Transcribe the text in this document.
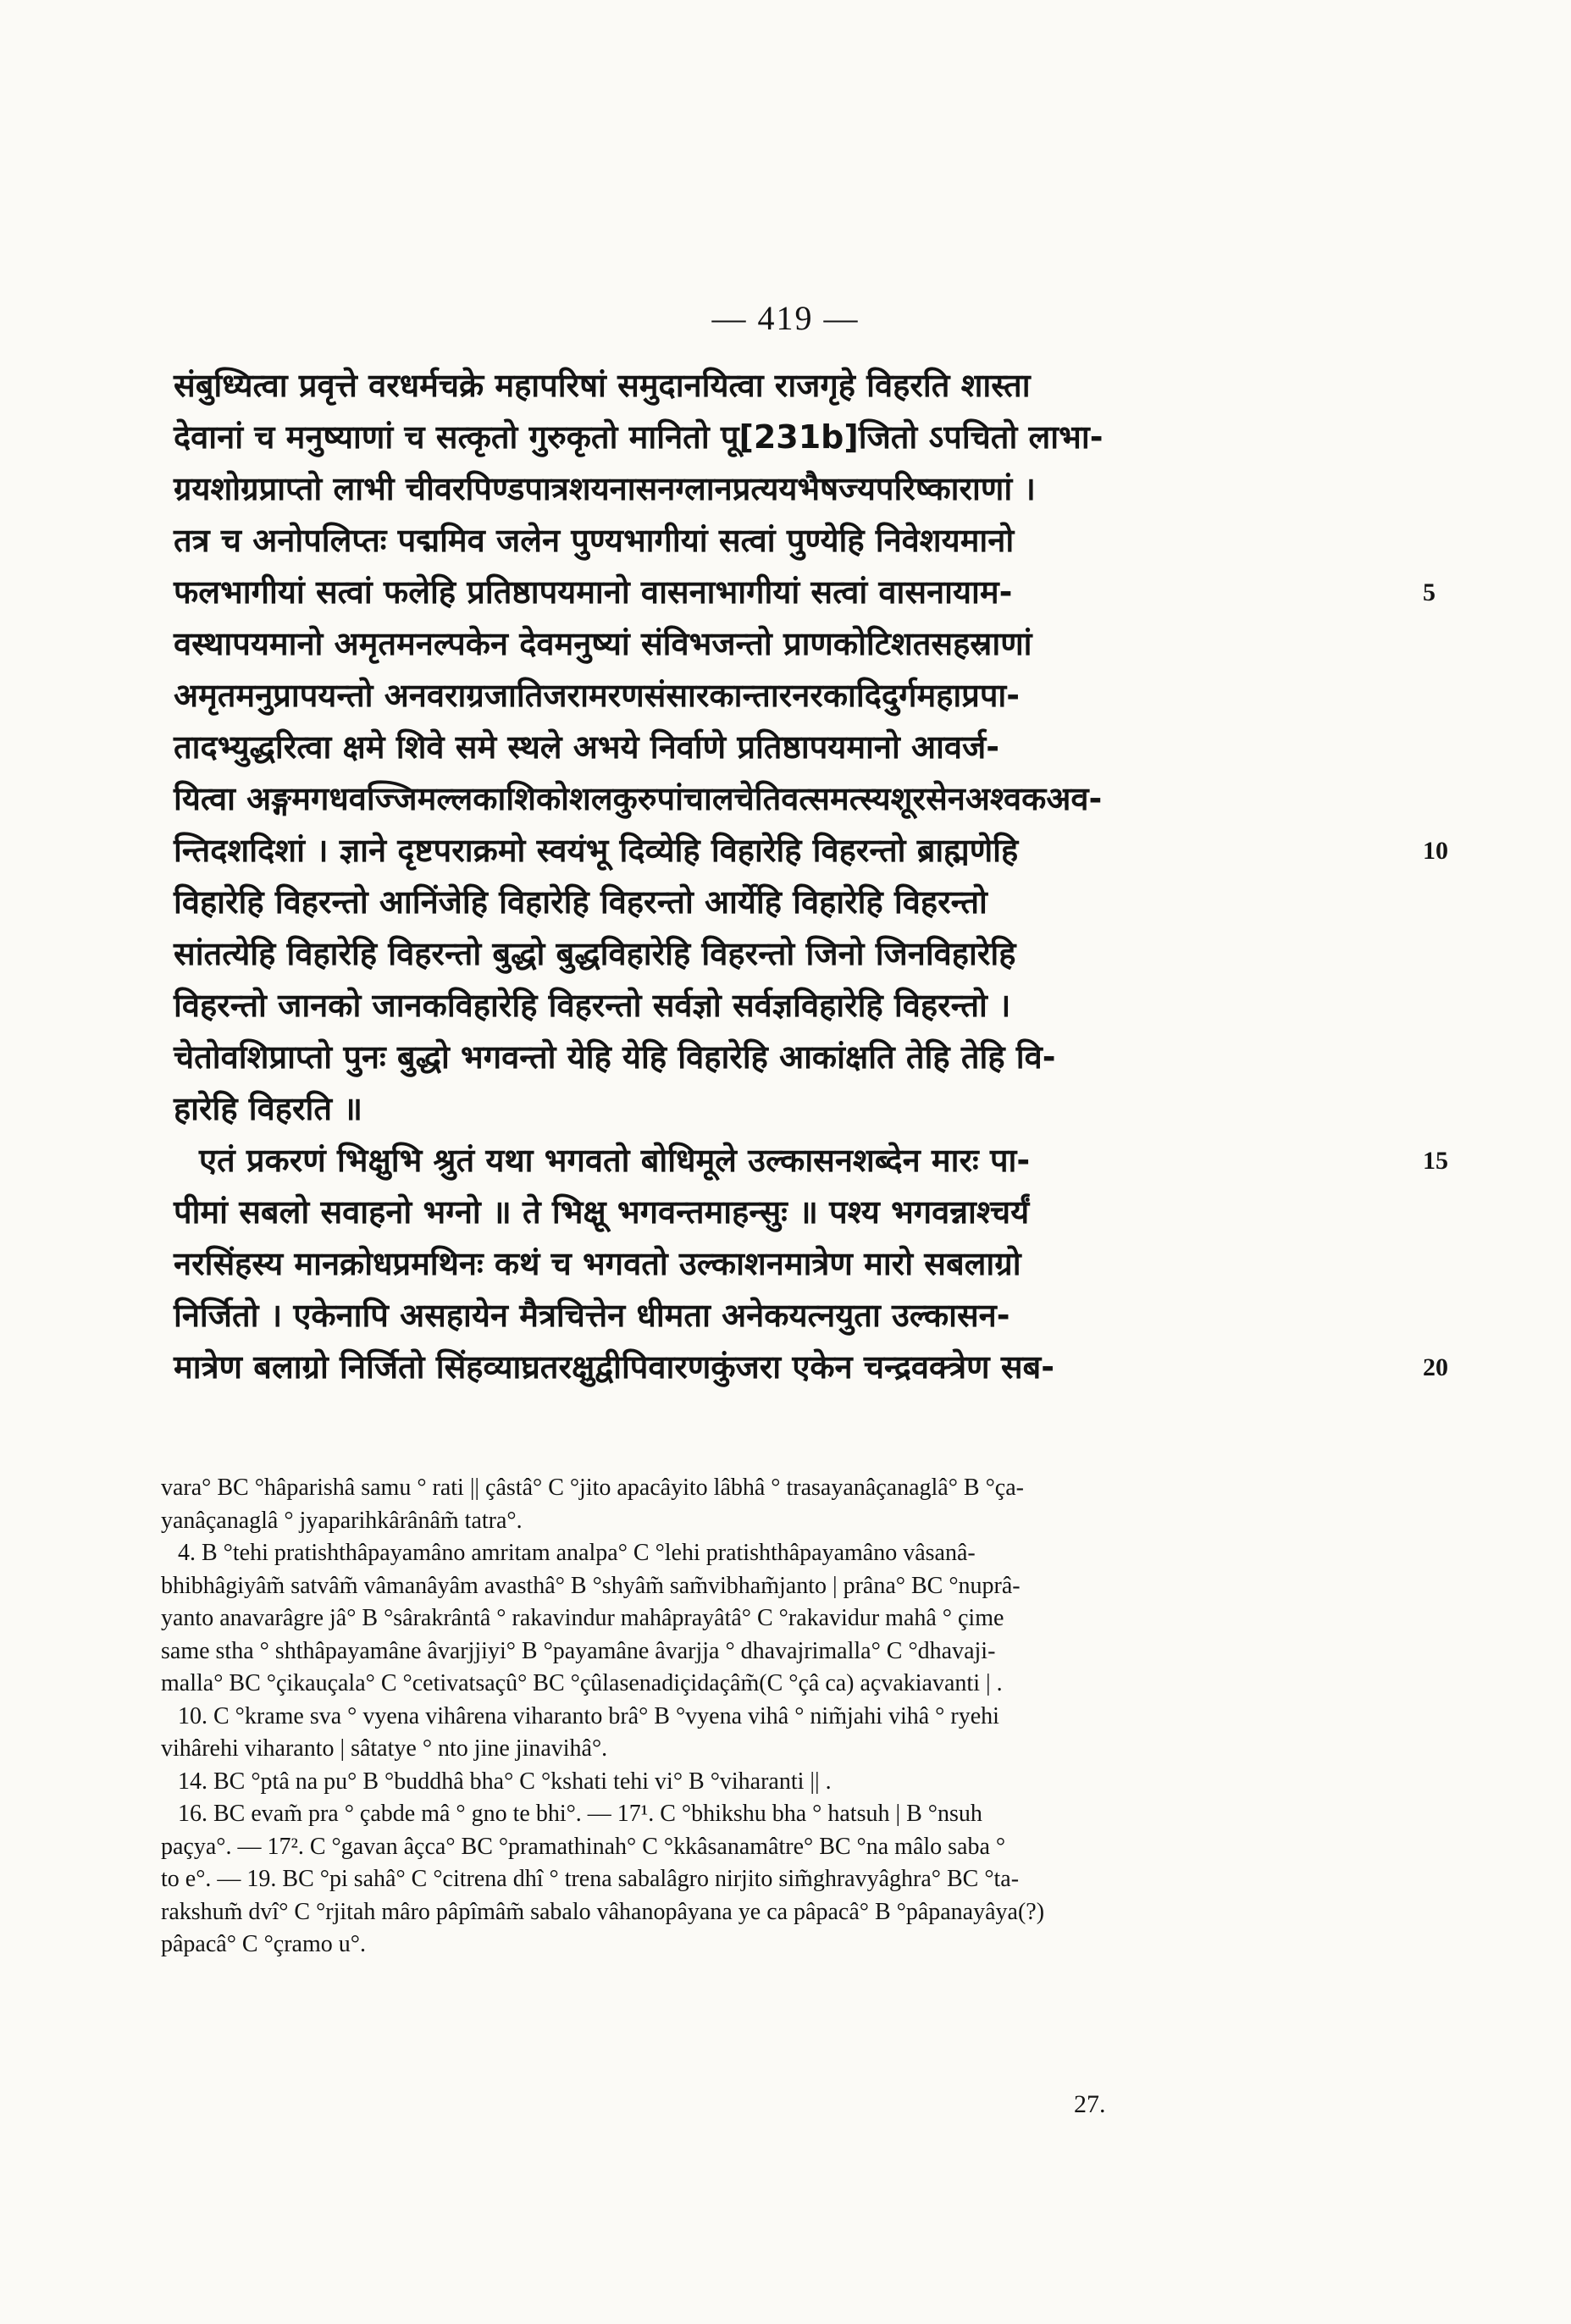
— 419 —
संबुध्यित्वा प्रवृत्ते वरधर्मचक्रे महापरिषां समुदानयित्वा राजगृहे विहरति शास्ता
देवानां च मनुष्याणां च सत्कृतो गुरुकृतो मानितो पू[231b]जितो ऽपचितो लाभा-
ग्रयशोग्रप्राप्तो लाभी चीवरपिण्डपात्रशयनासनग्लानप्रत्ययभैषज्यपरिष्काराणां ।
तत्र च अनोपलिप्तः पद्ममिव जलेन पुण्यभागीयां सत्वां पुण्येहि निवेशयमानो
फलभागीयां सत्वां फलेहि प्रतिष्ठापयमानो वासनाभागीयां सत्वां वासनायाम-	5
वस्थापयमानो अमृतमनल्पकेन देवमनुष्यां संविभजन्तो प्राणकोटिशतसहस्राणां
अमृतमनुप्रापयन्तो अनवराग्रजातिजरामरणसंसारकान्तारनरकादिदुर्गमहाप्रपा-
तादभ्युद्धरित्वा क्षमे शिवे समे स्थले अभये निर्वाणे प्रतिष्ठापयमानो आवर्ज-
यित्वा अङ्गमगधवज्जिमल्लकाशिकोशलकुरुपांचालचेतिवत्समत्स्यशूरसेनअश्वकअव-
न्तिदशदिशां । ज्ञाने दृष्टपराक्रमो स्वयंभू दिव्येहि विहारेहि विहरन्तो ब्राह्मणेहि	10
विहारेहि विहरन्तो आनिंजेहि विहारेहि विहरन्तो आर्येहि विहारेहि विहरन्तो
सांतत्येहि विहारेहि विहरन्तो बुद्धो बुद्धविहारेहि विहरन्तो जिनो जिनविहारेहि
विहरन्तो जानको जानकविहारेहि विहरन्तो सर्वज्ञो सर्वज्ञविहारेहि विहरन्तो ।
चेतोवशिप्राप्तो पुनः बुद्धो भगवन्तो येहि येहि विहारेहि आकांक्षति तेहि तेहि वि-
हारेहि विहरति ॥
एतं प्रकरणं भिक्षुभि श्रुतं यथा भगवतो बोधिमूले उल्कासनशब्देन मारः पा-	15
पीमां सबलो सवाहनो भग्नो ॥ ते भिक्षू भगवन्तमाहन्सुः ॥ पश्य भगवन्नाश्चर्यं
नरसिंहस्य मानक्रोधप्रमथिनः कथं च भगवतो उल्काशनमात्रेण मारो सबलाग्रो
निर्जितो । एकेनापि असहायेन मैत्रचित्तेन धीमता अनेकयत्नयुता उल्कासन-
मात्रेण बलाग्रो निर्जितो सिंहव्याघ्रतरक्षुद्वीपिवारणकुंजरा एकेन चन्द्रवक्त्रेण सब-	20
vara° BC °hâparishâ samu ° rati || çâstâ° C °jito apacâyito lâbhâ ° trasayanâçanaglâ° B °ça-
yanâçanaglâ ° jyaparihkârânâm̃ tatra°.
4. B °tehi pratishthâpayamâno amritam analpa° C °lehi pratishthâpayamâno vâsanâ-
bhibhâgiyâm̃ satvâm̃ vâmanâyâm avasthâ° B °shyâm̃ sam̃vibham̃janto | prâna° BC °nuprâ-
yanto anavarâgre jâ° B °sârakrântâ ° rakavindur mahâprayâtâ° C °rakavidur mahâ ° çime
same stha ° shthâpayamâne âvarjjiyi° B °payamâne âvarjja ° dhavajrimalla° C °dhavaji-
malla° BC °çikauçala° C °cetivatsaçû° BC °çûlasenadiçidaçâm̃(C °çâ ca) açvakiavanti | .
10. C °krame sva ° vyena vihârena viharanto brâ° B °vyena vihâ ° nim̃jahi vihâ ° ryehi
vihârehi viharanto | sâtatye ° nto jine jinavihâ°.
14. BC °ptâ na pu° B °buddhâ bha° C °kshati tehi vi° B °viharanti || .
16. BC evam̃ pra ° çabde mâ ° gno te bhi°. — 17¹. C °bhikshu bha ° hatsuh | B °nsuh
paçya°. — 17². C °gavan âçca° BC °pramathinah° C °kkâsanamâtre° BC °na mâlo saba °
to e°. — 19. BC °pi sahâ° C °citrena dhî ° trena sabalâgro nirjito sim̃ghravyâghra° BC °ta-
rakshum̃ dvî° C °rjitah mâro pâpîmâm̃ sabalo vâhanopâyana ye ca pâpacâ° B °pâpanayâya(?)
pâpacâ° C °çramo u°.
27.
